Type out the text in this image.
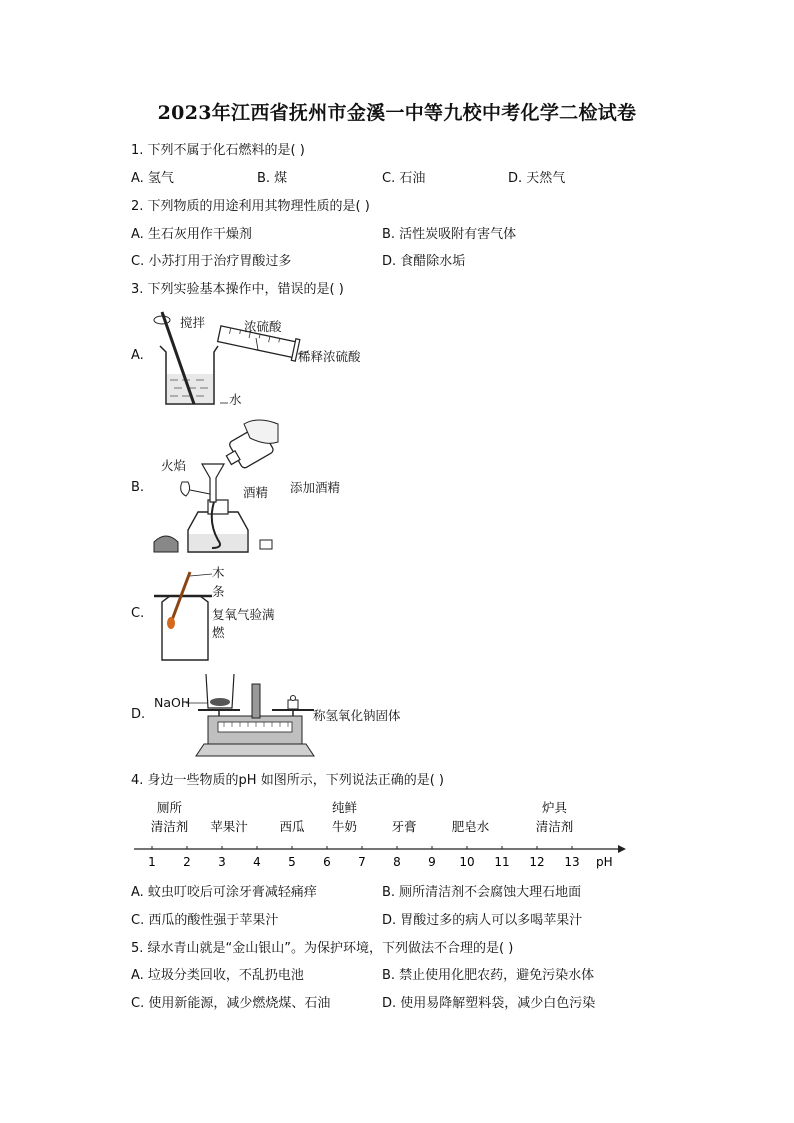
2023年江西省抚州市金溪一中等九校中考化学二检试卷
1. 下列不属于化石燃料的是( )
A. 氢气	B. 煤	C. 石油	D. 天然气
2. 下列物质的用途利用其物理性质的是( )
A. 生石灰用作干燥剂	B. 活性炭吸附有害气体
C. 小苏打用于治疗胃酸过多	D. 食醋除水垢
3. 下列实验基本操作中，错误的是( )
A.
搅拌	浓硫酸
稀释浓硫酸
水
B.
火焰
酒精 添加酒精
C.
木
条
复氧气验满
燃
D.
NaOH
称氢氧化钠固体
4. 身边一些物质的pH 如图所示，下列说法正确的是( )
1 2 3 4 5 6 7 8 9 10 11 12 13
厕所
清洁剂 苹果汁	西瓜
纯鲜
牛奶	牙膏	肥皂水
炉具
清洁剂
pH
A. 蚊虫叮咬后可涂牙膏减轻痛痒	B. 厕所清洁剂不会腐蚀大理石地面
C. 西瓜的酸性强于苹果汁	D. 胃酸过多的病人可以多喝苹果汁
5. 绿水青山就是“金山银山”。为保护环境，下列做法不合理的是( )
A. 垃圾分类回收，不乱扔电池	B. 禁止使用化肥农药，避免污染水体
C. 使用新能源，减少燃烧煤、石油	D. 使用易降解塑料袋，减少白色污染
